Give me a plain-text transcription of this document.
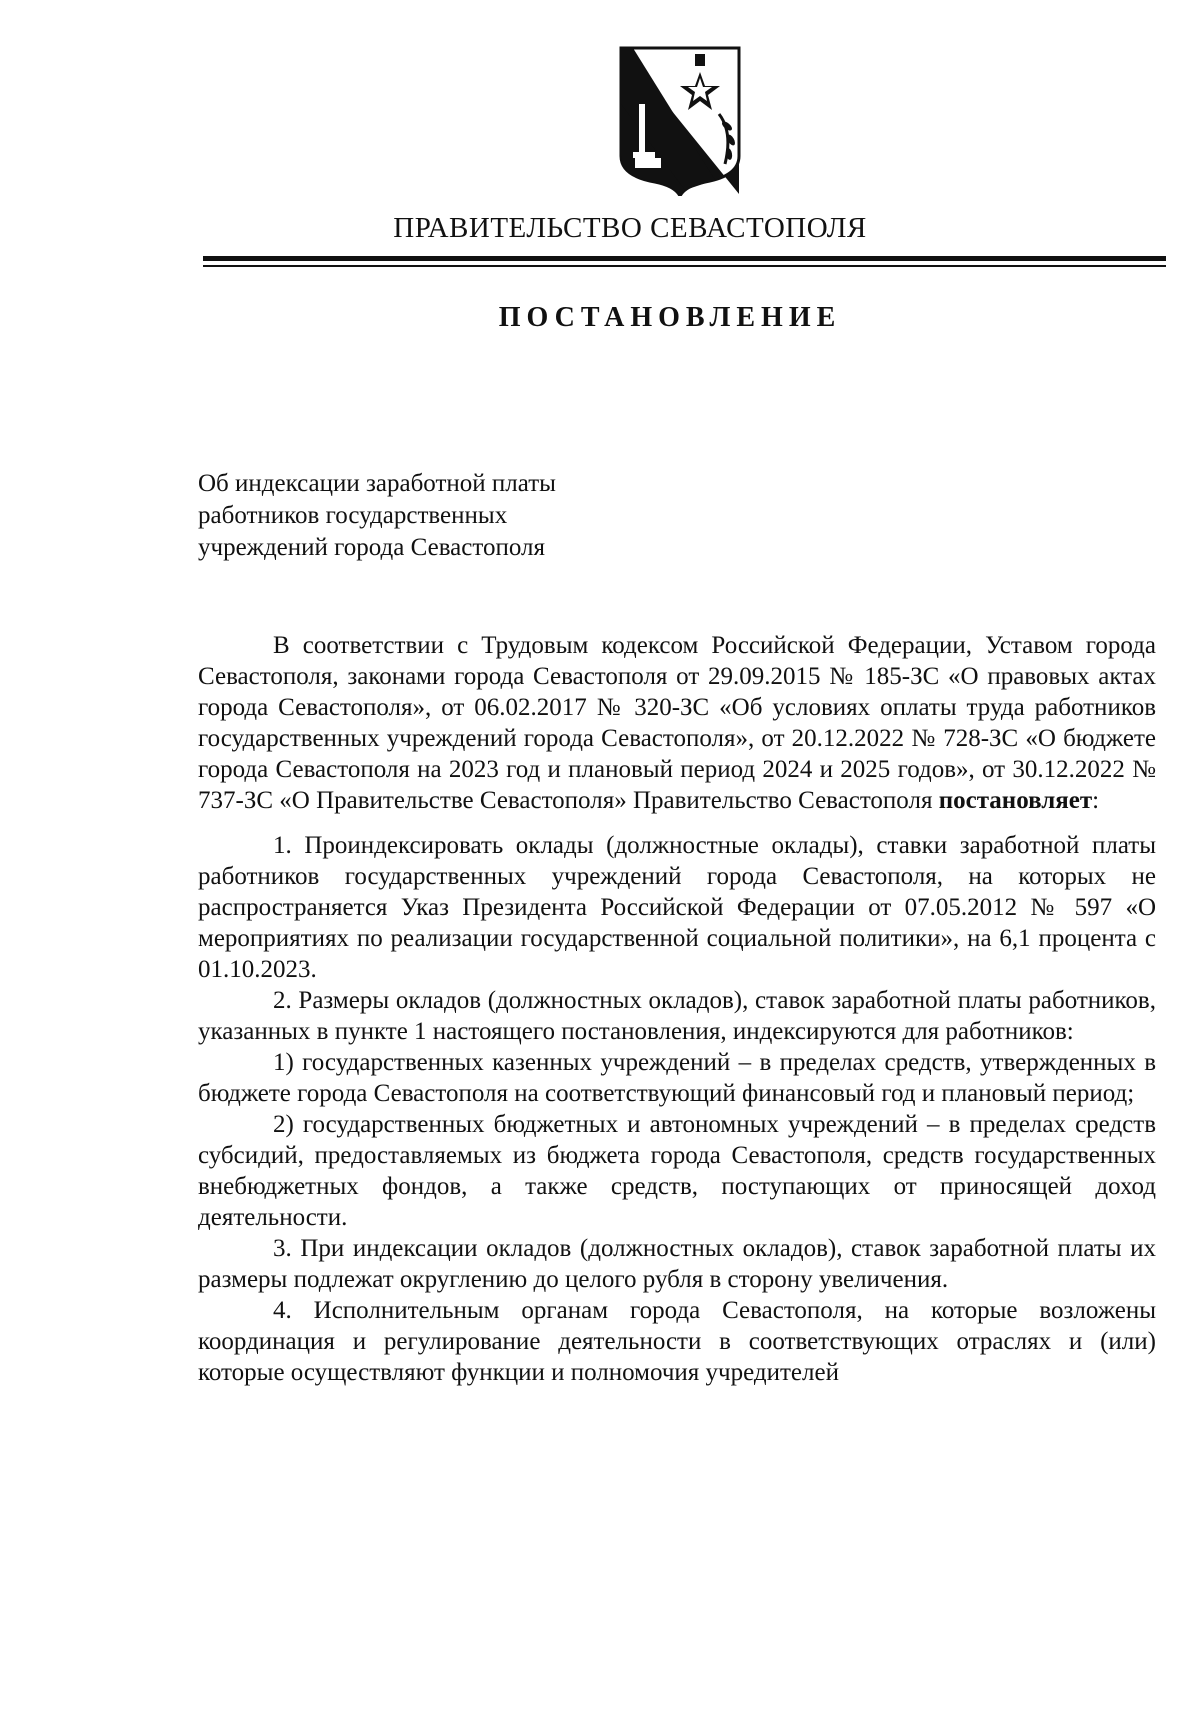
ПРАВИТЕЛЬСТВО СЕВАСТОПОЛЯ
ПОСТАНОВЛЕНИЕ
Об индексации заработной платы
работников государственных
учреждений города Севастополя

В соответствии с Трудовым кодексом Российской Федерации, Уставом города Севастополя, законами города Севастополя от 29.09.2015 № 185-ЗС «О правовых актах города Севастополя», от 06.02.2017 № 320-ЗС «Об условиях оплаты труда работников государственных учреждений города Севастополя», от 20.12.2022 № 728-ЗС «О бюджете города Севастополя на 2023 год и плановый период 2024 и 2025 годов», от 30.12.2022 № 737-ЗС «О Правительстве Севастополя» Правительство Севастополя постановляет:

1. Проиндексировать оклады (должностные оклады), ставки заработной платы работников государственных учреждений города Севастополя, на которых не распространяется Указ Президента Российской Федерации от 07.05.2012 № 597 «О мероприятиях по реализации государственной социальной политики», на 6,1 процента с 01.10.2023.

2. Размеры окладов (должностных окладов), ставок заработной платы работников, указанных в пункте 1 настоящего постановления, индексируются для работников:

1) государственных казенных учреждений – в пределах средств, утвержденных в бюджете города Севастополя на соответствующий финансовый год и плановый период;

2) государственных бюджетных и автономных учреждений – в пределах средств субсидий, предоставляемых из бюджета города Севастополя, средств государственных внебюджетных фондов, а также средств, поступающих от приносящей доход деятельности.

3. При индексации окладов (должностных окладов), ставок заработной платы их размеры подлежат округлению до целого рубля в сторону увеличения.

4. Исполнительным органам города Севастополя, на которые возложены координация и регулирование деятельности в соответствующих отраслях и (или) которые осуществляют функции и полномочия учредителей
